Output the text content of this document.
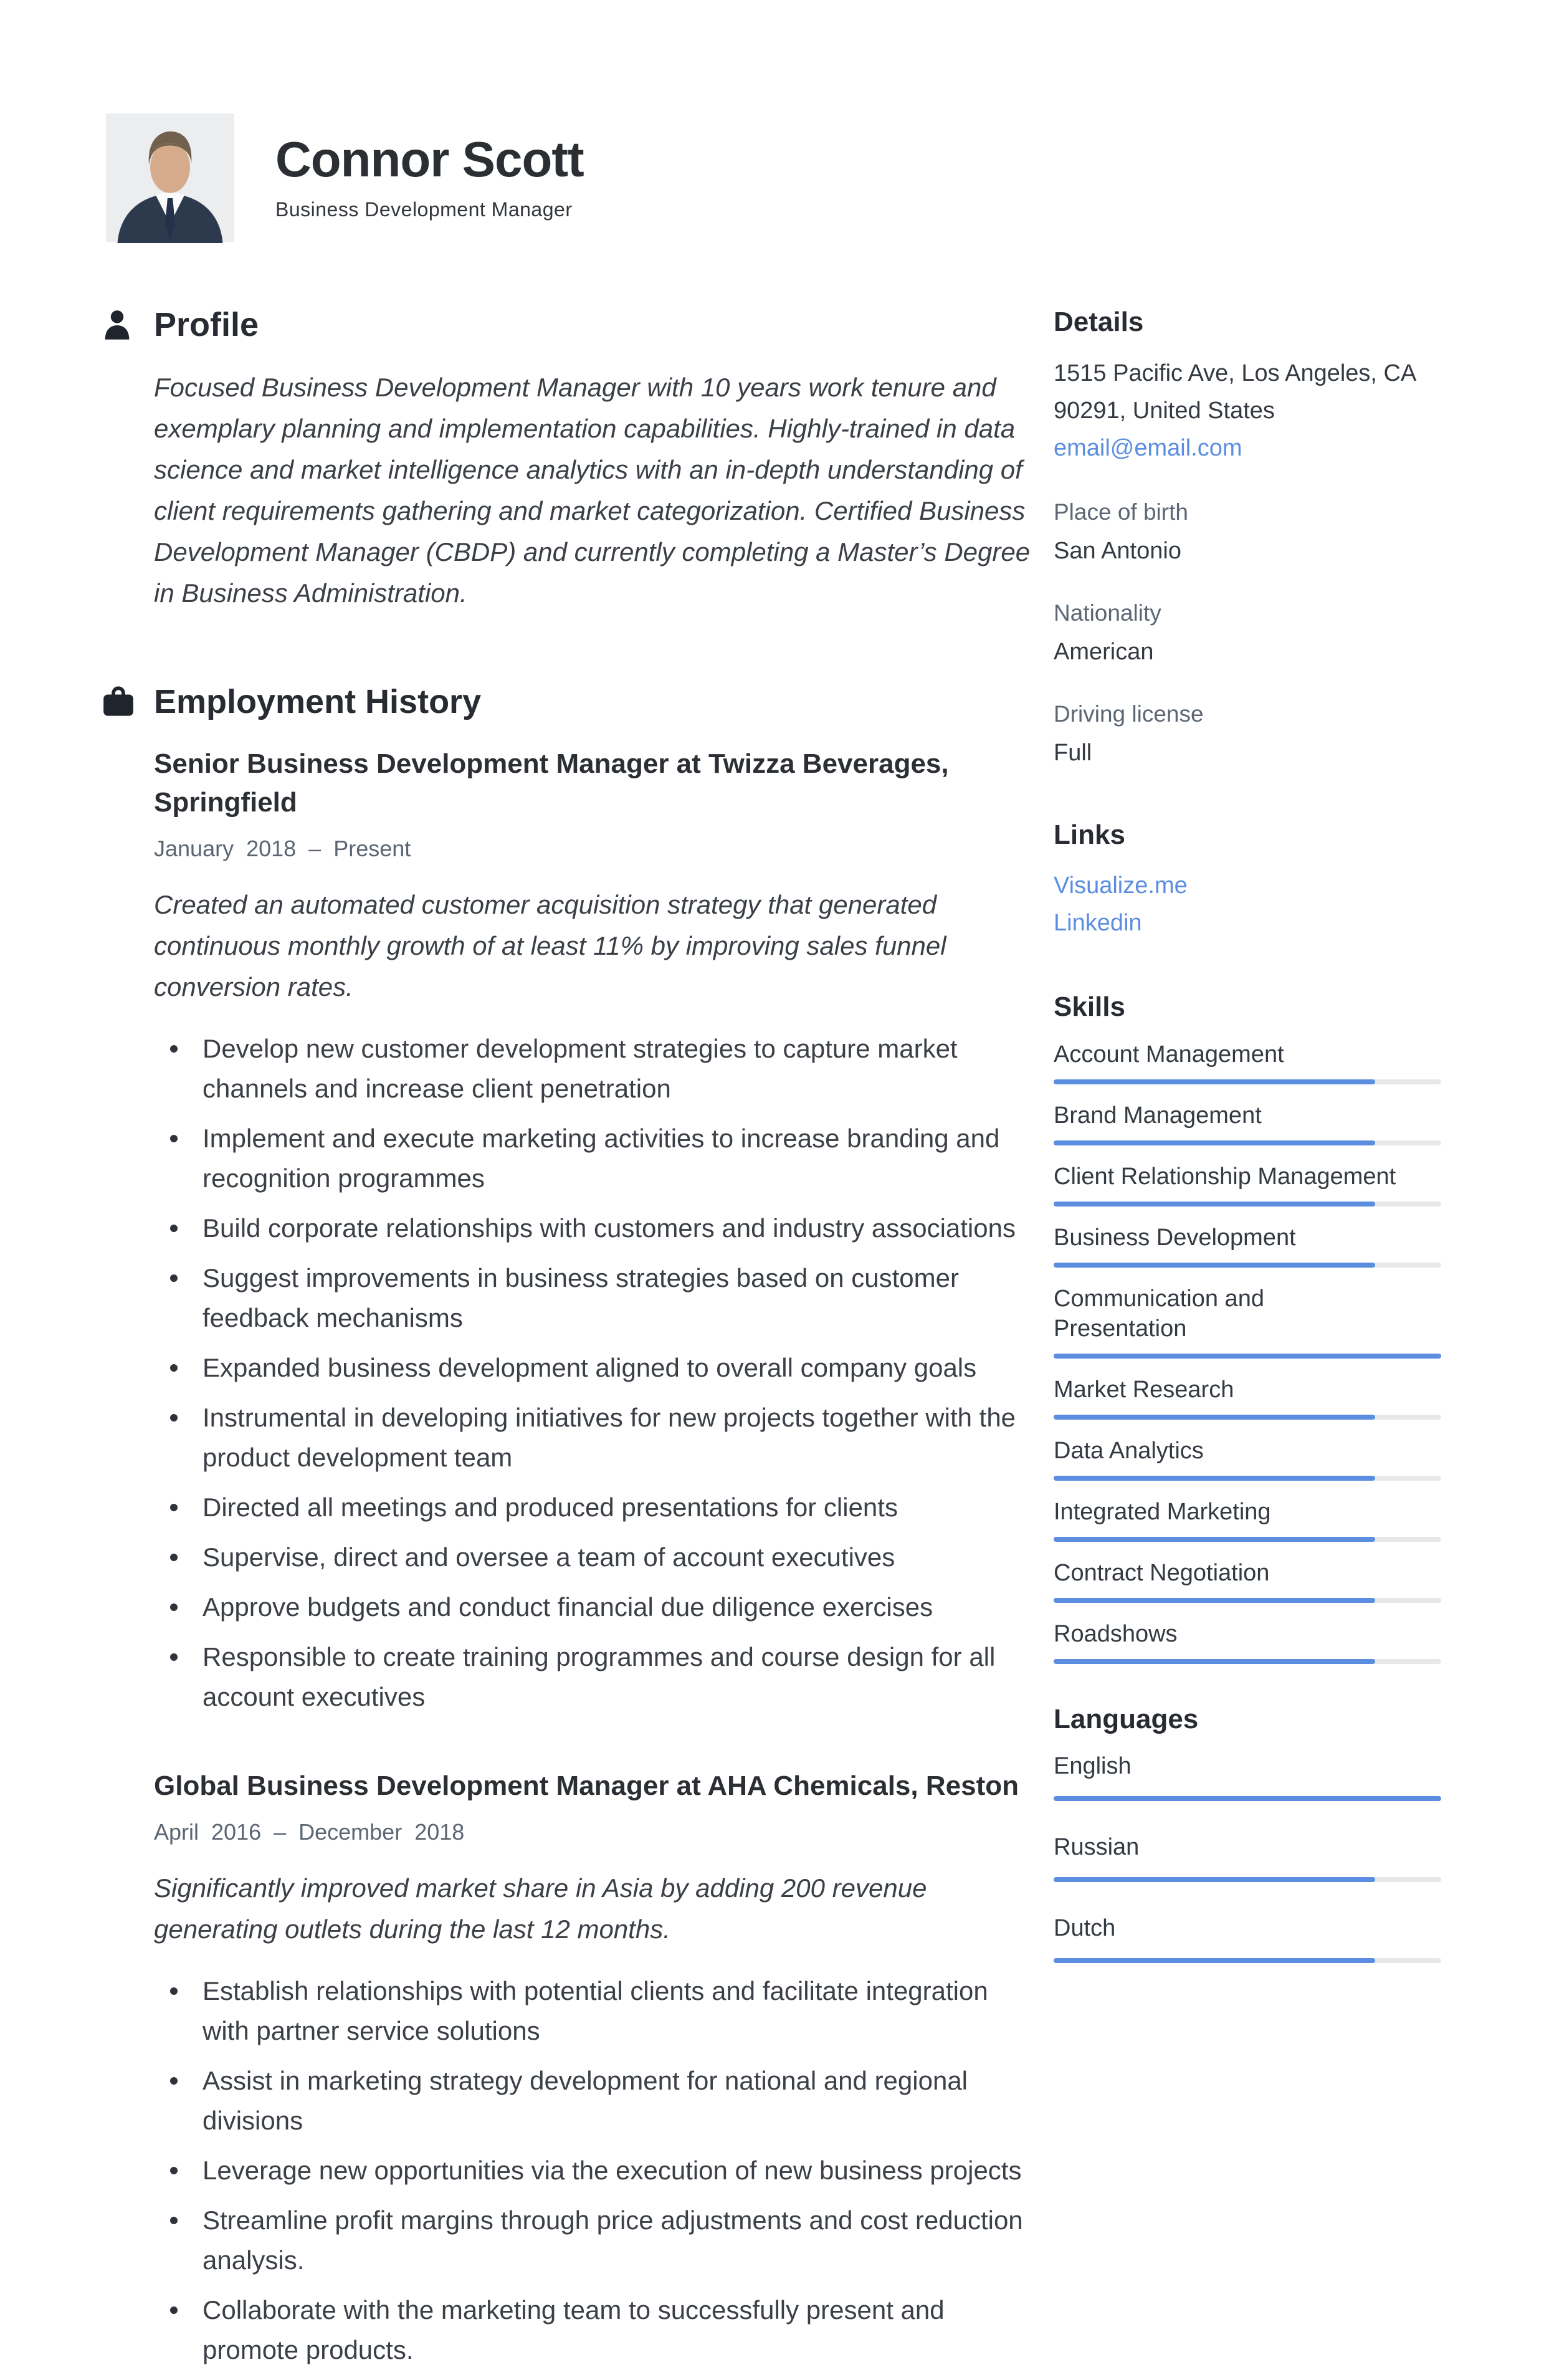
Connor Scott
Business Development Manager
Profile

Focused Business Development Manager with 10 years work tenure and exemplary planning and implementation capabilities. Highly-trained in data science and market intelligence analytics with an in-depth understanding of client requirements gathering and market categorization. Certified Business Development Manager (CBDP) and currently completing a Master’s Degree in Business Administration.

Employment History
Senior Business Development Manager at Twizza Beverages, Springfield
January 2018 – Present

Created an automated customer acquisition strategy that generated continuous monthly growth of at least 11% by improving sales funnel conversion rates.

Develop new customer development strategies to capture market channels and increase client penetration
Implement and execute marketing activities to increase branding and recognition programmes
Build corporate relationships with customers and industry associations
Suggest improvements in business strategies based on customer feedback mechanisms
Expanded business development aligned to overall company goals
Instrumental in developing initiatives for new projects together with the product development team
Directed all meetings and produced presentations for clients
Supervise, direct and oversee a team of account executives
Approve budgets and conduct financial due diligence exercises
Responsible to create training programmes and course design for all account executives
Global Business Development Manager at AHA Chemicals, Reston
April 2016 – December 2018

Significantly improved market share in Asia by adding 200 revenue generating outlets during the last 12 months.

Establish relationships with potential clients and facilitate integration with partner service solutions
Assist in marketing strategy development for national and regional divisions
Leverage new opportunities via the execution of new business projects
Streamline profit margins through price adjustments and cost reduction analysis.
Collaborate with the marketing team to successfully present and promote products.
Details

1515 Pacific Ave, Los Angeles, CA 90291, United States

email@email.com
Place of birth
San Antonio
Nationality
American
Driving license
Full
Links
Visualize.me
Linkedin
Skills
Account Management
Brand Management
Client Relationship Management
Business Development
Communication and Presentation
Market Research
Data Analytics
Integrated Marketing
Contract Negotiation
Roadshows
Languages
English
Russian
Dutch
